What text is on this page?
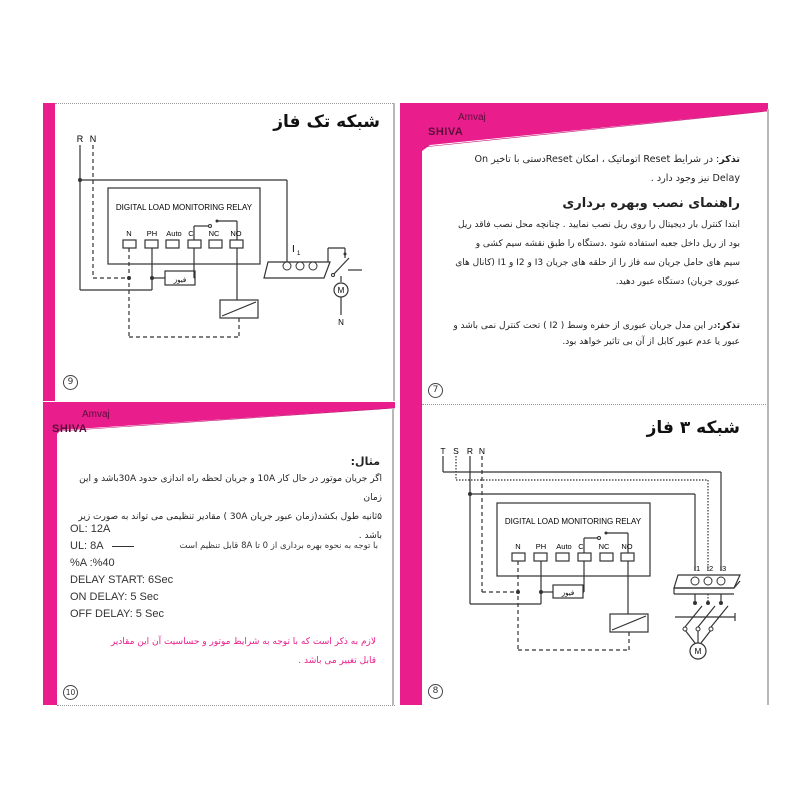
شبکه تک فاز
R N
DIGITAL LOAD MONITORING RELAY
N PH Auto C NC NO
فیوز
I 1
M
N
9
SHIVA
Amvaj
تذکر: در شرایط Reset اتوماتیک ، امکان Resetدستی با تاخیر On Delay نیز وجود دارد .
راهنمای نصب وبهره برداری
ابتدا کنترل بار دیجیتال را روی ریل نصب نمایید . چنانچه محل نصب فاقد ریل
بود از ریل داخل جعبه استفاده شود .دستگاه را طبق نقشه سیم کشی و
سیم های حامل جریان سه فاز را از حلقه های جریان I3 و I2 و I1 (کانال های
عبوری جریان) دستگاه عبور دهید.
تذکر:در این مدل جریان عبوری از حفره وسط ( I2 ) تحت کنترل نمی باشد و
عبور یا عدم عبور کابل از آن بی تاثیر خواهد بود.
7
SHIVA
Amvaj
مثال:
اگر جریان موتور در حال کار 10A و جریان لحظه راه اندازی حدود 30Aباشد و این زمان
۵ثانیه طول بکشد(زمان عبور جریان 30A ) مقادیر تنظیمی می تواند به صورت زیر باشد .
OL: 12A
UL: 8A	با توجه به نحوه بهره برداری از 0 تا 8A قابل تنظیم است
%A :%40
DELAY START: 6Sec
ON DELAY: 5 Sec
OFF DELAY: 5 Sec
لازم به ذکر است که با توجه به شرایط موتور و حساسیت آن این مقادیر
قابل تغییر می باشد .
10
شبکه ۳ فاز
T S R N
DIGITAL LOAD MONITORING RELAY
N PH Auto C NC NO
فیوز
I1 I2 I3
M
8
